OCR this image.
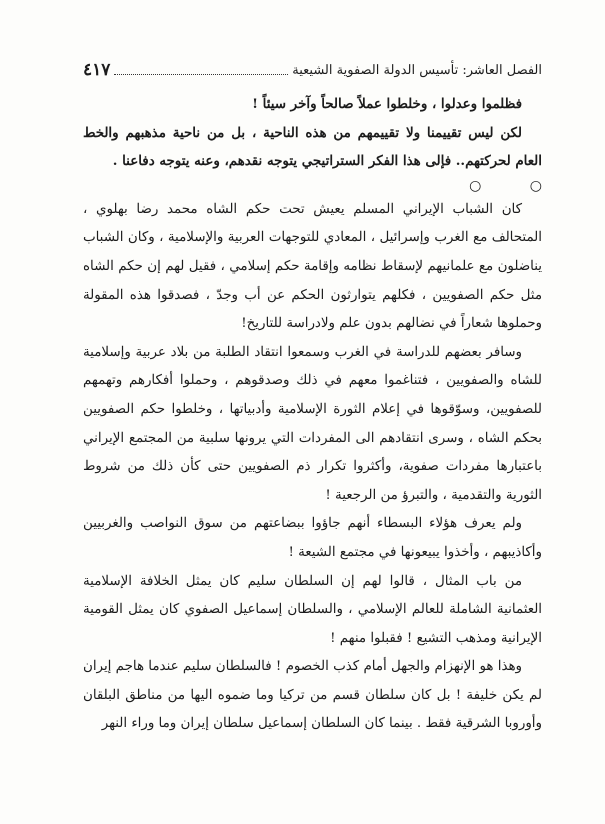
الفصل العاشر: تأسيس الدولة الصفوية الشيعية
٤١٧

فظلموا وعدلوا ، وخلطوا عملاً صالحاً وآخر سيئاً !

لكن ليس تقييمنا ولا تقييمهم من هذه الناحية ، بل من ناحية مذهبهم والخط العام لحركتهم.. فإلى هذا الفكر الستراتيجي يتوجه نقدهم، وعنه يتوجه دفاعنا .

○ ○

كان الشباب الإيراني المسلم يعيش تحت حكم الشاه محمد رضا بهلوي ، المتحالف مع الغرب وإسرائيل ، المعادي للتوجهات العربية والإسلامية ، وكان الشباب يناضلون مع علمانيهم لإسقاط نظامه وإقامة حكم إسلامي ، فقيل لهم إن حكم الشاه مثل حكم الصفويين ، فكلهم يتوارثون الحكم عن أب وجدّ ، فصدقوا هذه المقولة وحملوها شعاراً في نضالهم بدون علم ولادراسة للتاريخ!

وسافر بعضهم للدراسة في الغرب وسمعوا انتقاد الطلبة من بلاد عربية وإسلامية للشاه والصفويين ، فتناغموا معهم في ذلك وصدقوهم ، وحملوا أفكارهم وتهمهم للصفويين، وسوّقوها في إعلام الثورة الإسلامية وأدبياتها ، وخلطوا حكم الصفويين بحكم الشاه ، وسرى انتقادهم الى المفردات التي يرونها سلبية من المجتمع الإيراني باعتبارها مفردات صفوية، وأكثروا تكرار ذم الصفويين حتى كأن ذلك من شروط الثورية والتقدمية ، والتبرؤ من الرجعية !

ولم يعرف هؤلاء البسطاء أنهم جاؤوا ببضاعتهم من سوق النواصب والغربيين وأكاذيبهم ، وأخذوا يبيعونها في مجتمع الشيعة !

من باب المثال ، قالوا لهم إن السلطان سليم كان يمثل الخلافة الإسلامية العثمانية الشاملة للعالم الإسلامي ، والسلطان إسماعيل الصفوي كان يمثل القومية الإيرانية ومذهب التشيع ! فقبلوا منهم !

وهذا هو الإنهزام والجهل أمام كذب الخصوم ! فالسلطان سليم عندما هاجم إيران لم يكن خليفة ! بل كان سلطان قسم من تركيا وما ضموه اليها من مناطق البلقان وأوروبا الشرقية فقط . بينما كان السلطان إسماعيل سلطان إيران وما وراء النهر
